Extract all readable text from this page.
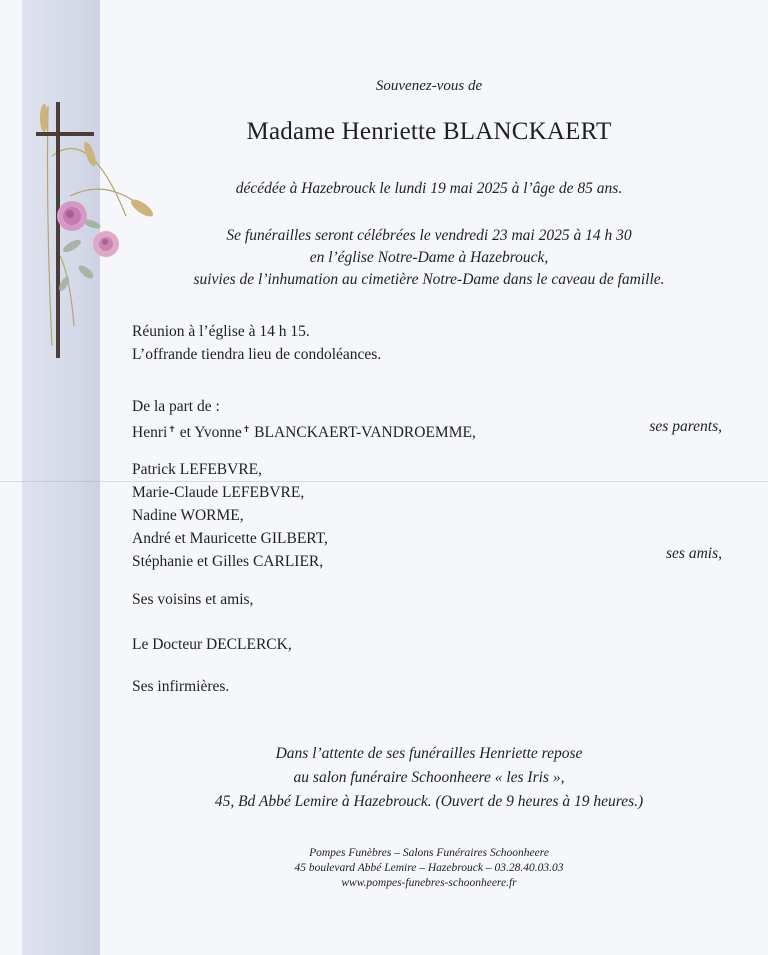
Souvenez-vous de
Madame Henriette BLANCKAERT
décédée à Hazebrouck le lundi 19 mai 2025 à l’âge de 85 ans.
Se funérailles seront célébrées le vendredi 23 mai 2025 à 14 h 30
en l’église Notre-Dame à Hazebrouck,
suivies de l’inhumation au cimetière Notre-Dame dans le caveau de famille.
Réunion à l’église à 14 h 15.
L’offrande tiendra lieu de condoléances.
De la part de :
Henri✝ et Yvonne✝ BLANCKAERT-VANDROEMME,	ses parents,
Patrick LEFEBVRE,
Marie-Claude LEFEBVRE,
Nadine WORME,
André et Mauricette GILBERT,
Stéphanie et Gilles CARLIER,	ses amis,
Ses voisins et amis,
Le Docteur DECLERCK,
Ses infirmières.
Dans l’attente de ses funérailles Henriette repose
au salon funéraire Schoonheere « les Iris »,
45, Bd Abbé Lemire à Hazebrouck. (Ouvert de 9 heures à 19 heures.)
Pompes Funèbres – Salons Funéraires Schoonheere
45 boulevard Abbé Lemire – Hazebrouck – 03.28.40.03.03
www.pompes-funebres-schoonheere.fr
